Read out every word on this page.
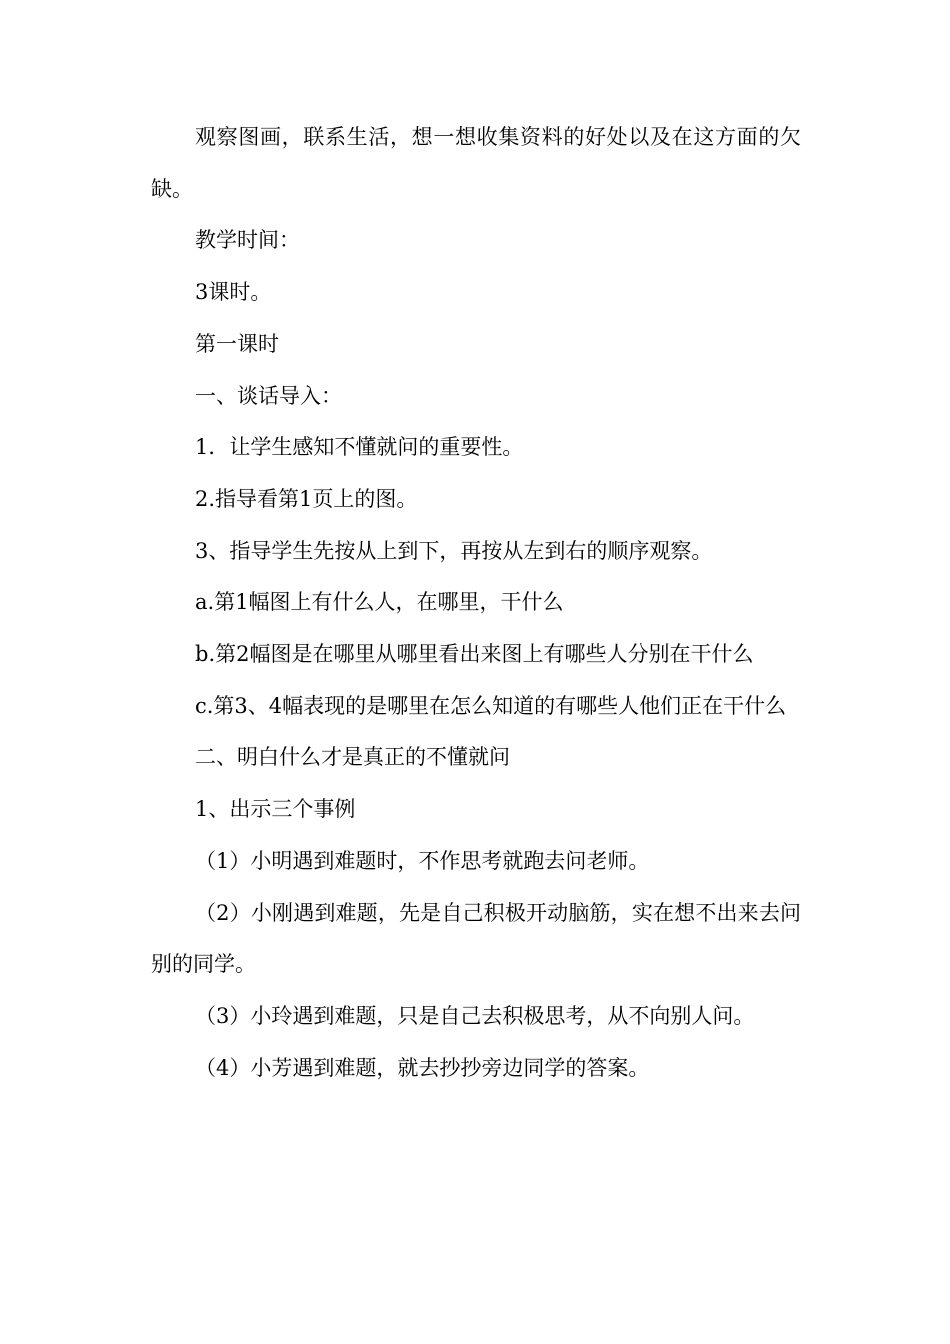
观察图画，联系生活，想一想收集资料的好处以及在这方面的欠缺。

教学时间：

3课时。

第一课时

一、谈话导入：

1．让学生感知不懂就问的重要性。

2.指导看第1页上的图。

3、指导学生先按从上到下，再按从左到右的顺序观察。

a.第1幅图上有什么人，在哪里，干什么

b.第2幅图是在哪里从哪里看出来图上有哪些人分别在干什么

c.第3、4幅表现的是哪里在怎么知道的有哪些人他们正在干什么

二、明白什么才是真正的不懂就问

1、出示三个事例

（1）小明遇到难题时，不作思考就跑去问老师。

（2）小刚遇到难题，先是自己积极开动脑筋，实在想不出来去问别的同学。

（3）小玲遇到难题，只是自己去积极思考，从不向别人问。

（4）小芳遇到难题，就去抄抄旁边同学的答案。
